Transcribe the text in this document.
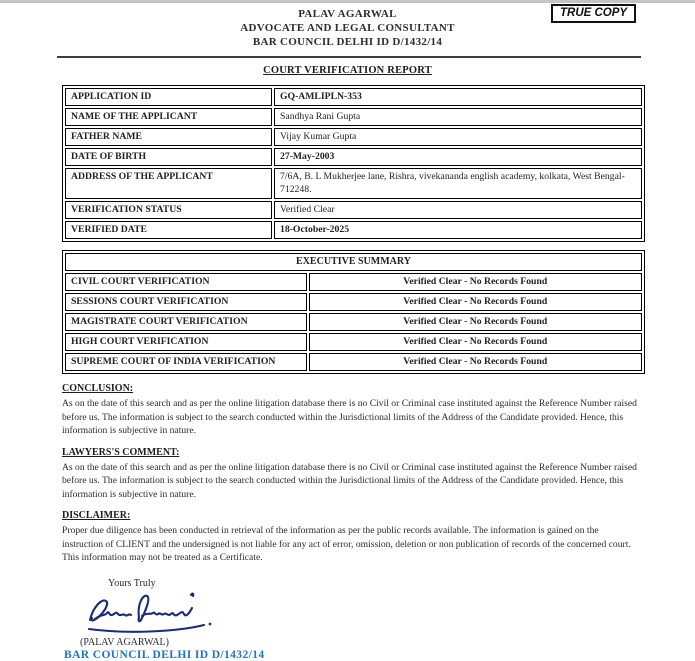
PALAV AGARWAL
ADVOCATE AND LEGAL CONSULTANT
BAR COUNCIL DELHI ID D/1432/14
TRUE COPY
COURT VERIFICATION REPORT
APPLICATION ID	GQ-AMLIPLN-353
NAME OF THE APPLICANT	Sandhya Rani Gupta
FATHER NAME	Vijay Kumar Gupta
DATE OF BIRTH	27-May-2003
ADDRESS OF THE APPLICANT	7/6A, B. L Mukherjee lane, Rishra, vivekananda english academy, kolkata, West Bengal-712248.
VERIFICATION STATUS	Verified Clear
VERIFIED DATE	18-October-2025
EXECUTIVE SUMMARY	
CIVIL COURT VERIFICATION	Verified Clear - No Records Found
SESSIONS COURT VERIFICATION	Verified Clear - No Records Found
MAGISTRATE COURT VERIFICATION	Verified Clear - No Records Found
HIGH COURT VERIFICATION	Verified Clear - No Records Found
SUPREME COURT OF INDIA VERIFICATION	Verified Clear - No Records Found
CONCLUSION:
As on the date of this search and as per the online litigation database there is no Civil or Criminal case instituted against the Reference Number raised before us. The information is subject to the search conducted within the Jurisdictional limits of the Address of the Candidate provided. Hence, this information is subjective in nature.
LAWYERS'S COMMENT:
As on the date of this search and as per the online litigation database there is no Civil or Criminal case instituted against the Reference Number raised before us. The information is subject to the search conducted within the Jurisdictional limits of the Address of the Candidate provided. Hence, this information is subjective in nature.
DISCLAIMER:
Proper due diligence has been conducted in retrieval of the information as per the public records available. The information is gained on the instruction of CLIENT and the undersigned is not liable for any act of error, omission, deletion or non publication of records of the concerned court. This information may not be treated as a Certificate.
Yours Truly
(PALAV AGARWAL)
BAR COUNCIL DELHI ID D/1432/14
